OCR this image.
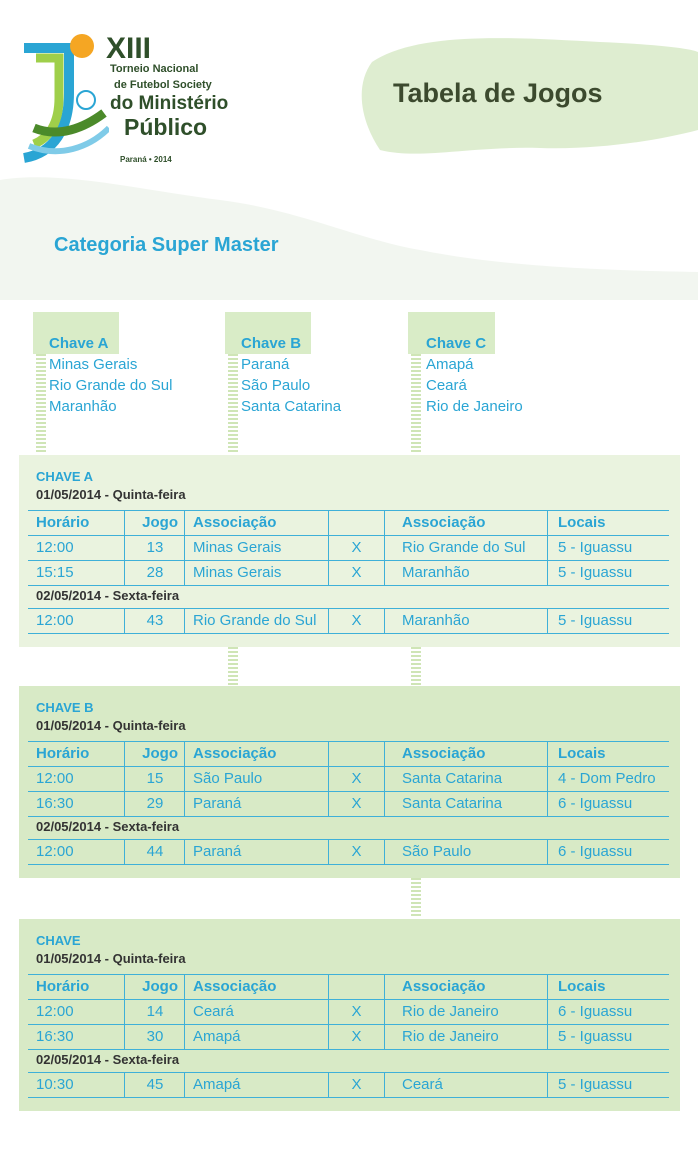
XIII
Torneio Nacional
de Futebol Society
do Ministério
Público
Paraná • 2014
Tabela de Jogos
Categoria Super Master
Chave A
Minas Gerais
Rio Grande do Sul
Maranhão
Chave B
Paraná
São Paulo
Santa Catarina
Chave C
Amapá
Ceará
Rio de Janeiro
CHAVE A
01/05/2014 - Quinta-feira
Horário	Jogo	Associação	Associação	Locais
12:00	13	Minas Gerais	X	Rio Grande do Sul	5 - Iguassu
15:15	28	Minas Gerais	X	Maranhão	5 - Iguassu
02/05/2014 - Sexta-feira
12:00	43	Rio Grande do Sul	X	Maranhão	5 - Iguassu
CHAVE B
01/05/2014 - Quinta-feira
Horário	Jogo	Associação	Associação	Locais
12:00	15	São Paulo	X	Santa Catarina	4 - Dom Pedro
16:30	29	Paraná	X	Santa Catarina	6 - Iguassu
02/05/2014 - Sexta-feira
12:00	44	Paraná	X	São Paulo	6 - Iguassu
CHAVE
01/05/2014 - Quinta-feira
Horário	Jogo	Associação	Associação	Locais
12:00	14	Ceará	X	Rio de Janeiro	6 - Iguassu
16:30	30	Amapá	X	Rio de Janeiro	5 - Iguassu
02/05/2014 - Sexta-feira
10:30	45	Amapá	X	Ceará	5 - Iguassu
